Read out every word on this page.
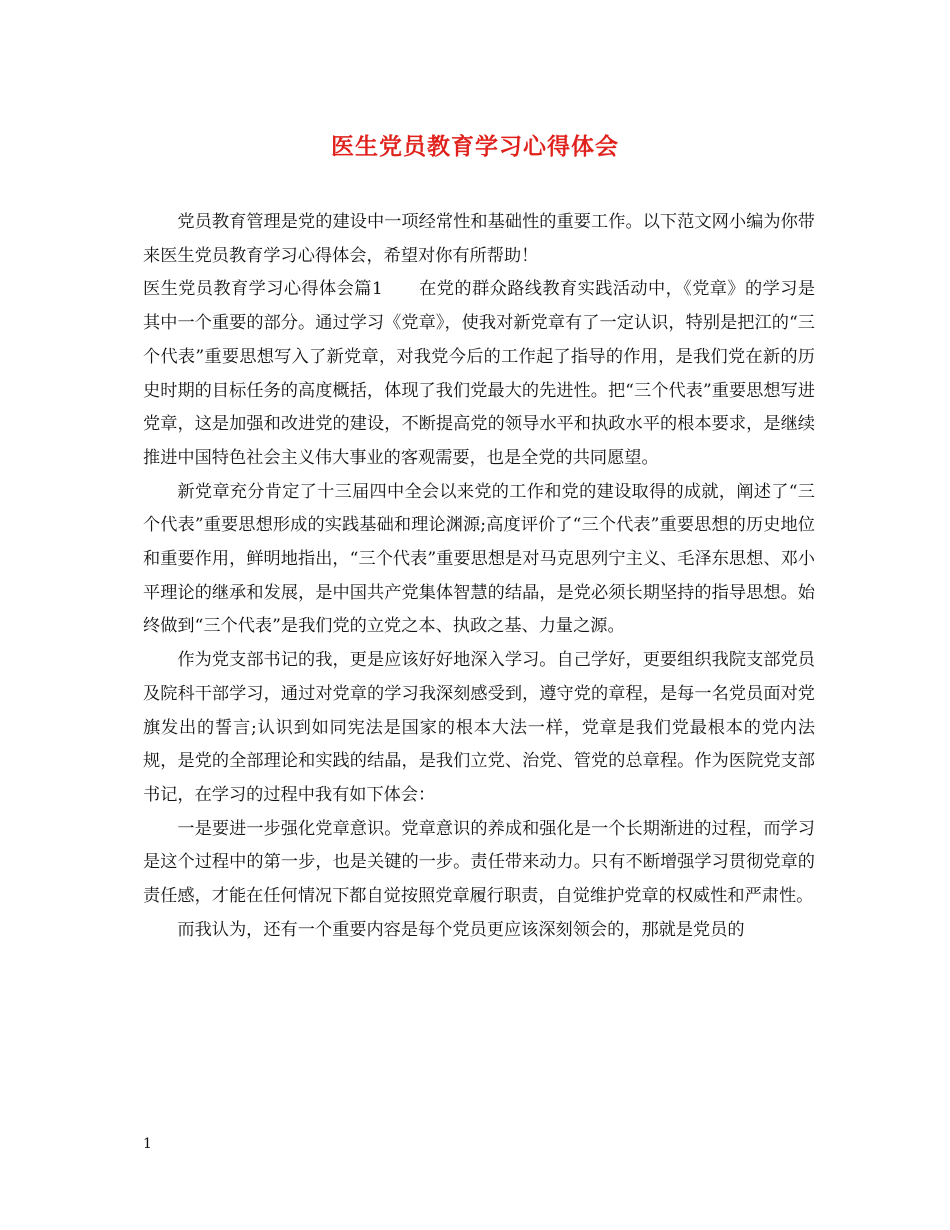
医生党员教育学习心得体会

党员教育管理是党的建设中一项经常性和基础性的重要工作。以下范文网小编为你带来医生党员教育学习心得体会，希望对你有所帮助！

医生党员教育学习心得体会篇1 在党的群众路线教育实践活动中，《党章》的学习是其中一个重要的部分。通过学习《党章》，使我对新党章有了一定认识，特别是把江的“三个代表”重要思想写入了新党章，对我党今后的工作起了指导的作用，是我们党在新的历史时期的目标任务的高度概括，体现了我们党最大的先进性。把“三个代表”重要思想写进党章，这是加强和改进党的建设，不断提高党的领导水平和执政水平的根本要求，是继续推进中国特色社会主义伟大事业的客观需要，也是全党的共同愿望。

新党章充分肯定了十三届四中全会以来党的工作和党的建设取得的成就，阐述了“三个代表”重要思想形成的实践基础和理论渊源;高度评价了“三个代表”重要思想的历史地位和重要作用，鲜明地指出，“三个代表”重要思想是对马克思列宁主义、毛泽东思想、邓小平理论的继承和发展，是中国共产党集体智慧的结晶，是党必须长期坚持的指导思想。始终做到“三个代表”是我们党的立党之本、执政之基、力量之源。

作为党支部书记的我，更是应该好好地深入学习。自己学好，更要组织我院支部党员及院科干部学习，通过对党章的学习我深刻感受到，遵守党的章程，是每一名党员面对党旗发出的誓言;认识到如同宪法是国家的根本大法一样，党章是我们党最根本的党内法规，是党的全部理论和实践的结晶，是我们立党、治党、管党的总章程。作为医院党支部书记，在学习的过程中我有如下体会：

一是要进一步强化党章意识。党章意识的养成和强化是一个长期渐进的过程，而学习是这个过程中的第一步，也是关键的一步。责任带来动力。只有不断增强学习贯彻党章的责任感，才能在任何情况下都自觉按照党章履行职责，自觉维护党章的权威性和严肃性。

而我认为，还有一个重要内容是每个党员更应该深刻领会的，那就是党员的

1
